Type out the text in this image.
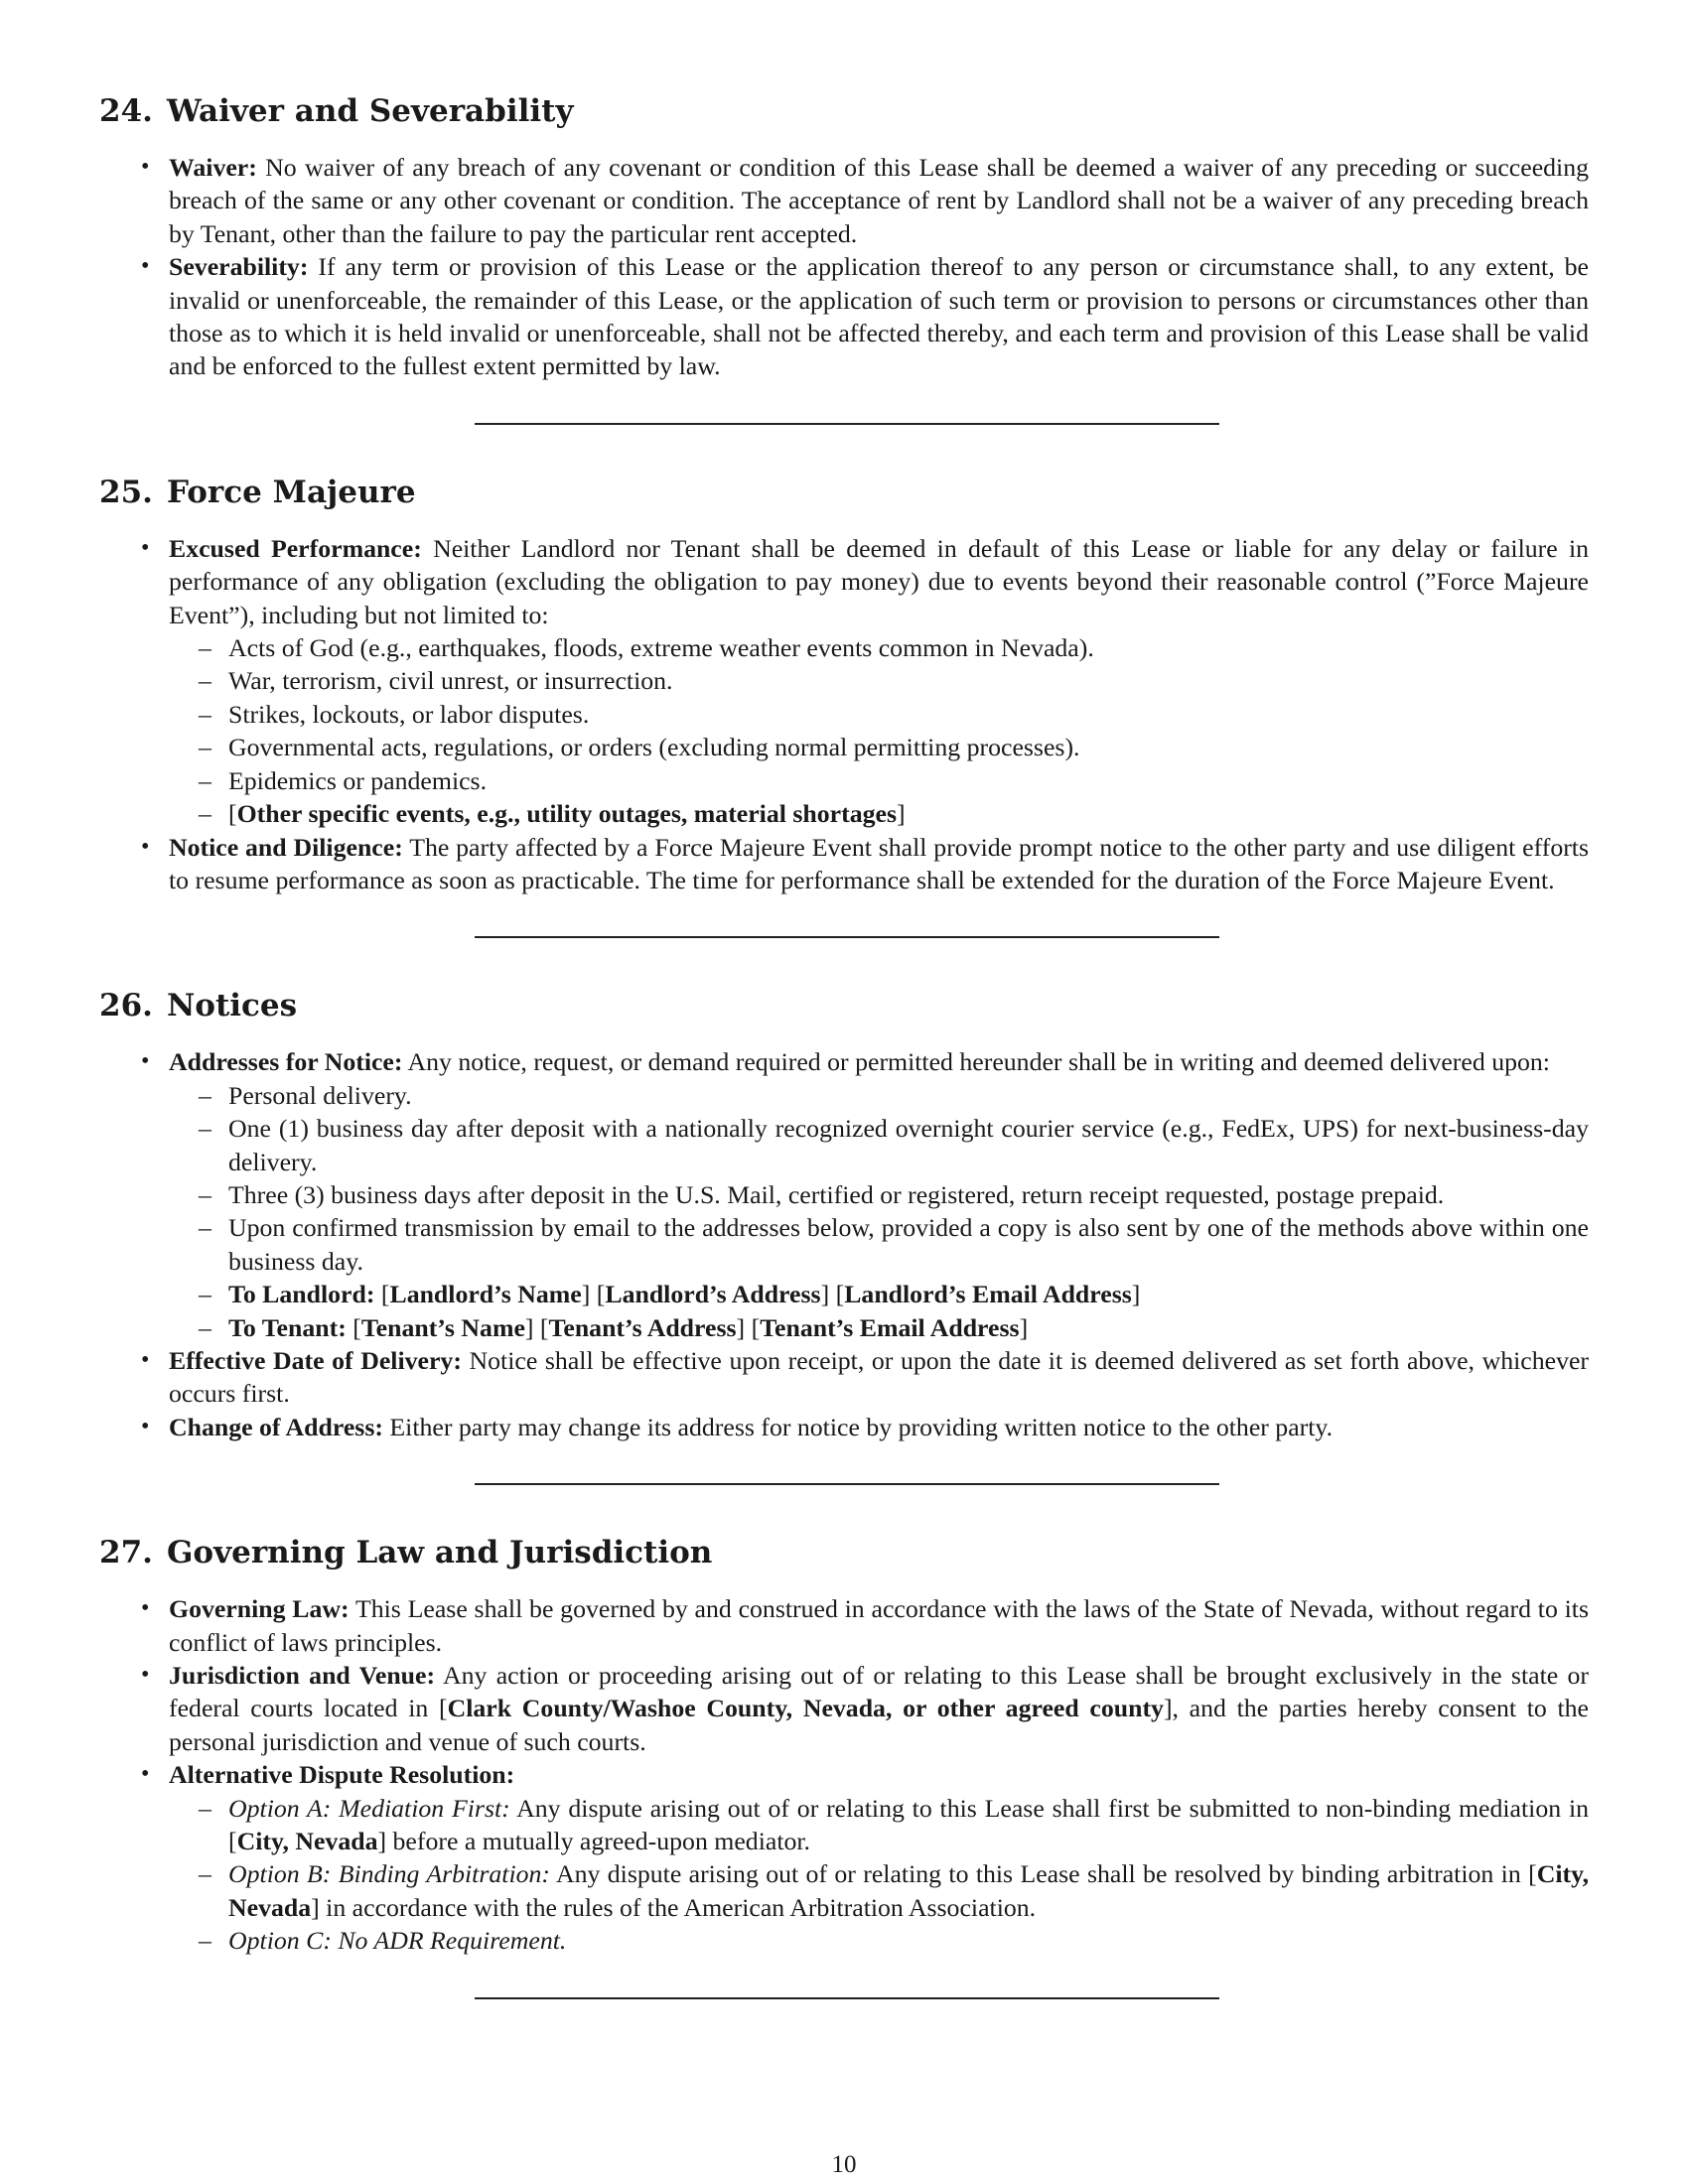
24. Waiver and Severability
• Waiver: No waiver of any breach of any covenant or condition of this Lease shall be deemed a waiver of any preceding or succeeding breach of the same or any other covenant or condition. The acceptance of rent by Landlord shall not be a waiver of any preceding breach by Tenant, other than the failure to pay the particular rent accepted.
• Severability: If any term or provision of this Lease or the application thereof to any person or circumstance shall, to any extent, be invalid or unenforceable, the remainder of this Lease, or the application of such term or provision to persons or circumstances other than those as to which it is held invalid or unenforceable, shall not be affected thereby, and each term and provision of this Lease shall be valid and be enforced to the fullest extent permitted by law.
25. Force Majeure
• Excused Performance: Neither Landlord nor Tenant shall be deemed in default of this Lease or liable for any delay or failure in performance of any obligation (excluding the obligation to pay money) due to events beyond their reasonable control (”Force Majeure Event”), including but not limited to:
– Acts of God (e.g., earthquakes, floods, extreme weather events common in Nevada).
– War, terrorism, civil unrest, or insurrection.
– Strikes, lockouts, or labor disputes.
– Governmental acts, regulations, or orders (excluding normal permitting processes).
– Epidemics or pandemics.
– [Other specific events, e.g., utility outages, material shortages]
• Notice and Diligence: The party affected by a Force Majeure Event shall provide prompt notice to the other party and use diligent efforts to resume performance as soon as practicable. The time for performance shall be extended for the duration of the Force Majeure Event.
26. Notices
• Addresses for Notice: Any notice, request, or demand required or permitted hereunder shall be in writing and deemed delivered upon:
– Personal delivery.
– One (1) business day after deposit with a nationally recognized overnight courier service (e.g., FedEx, UPS) for next-business-day delivery.
– Three (3) business days after deposit in the U.S. Mail, certified or registered, return receipt requested, postage prepaid.
– Upon confirmed transmission by email to the addresses below, provided a copy is also sent by one of the methods above within one business day.
– To Landlord: [Landlord’s Name] [Landlord’s Address] [Landlord’s Email Address]
– To Tenant: [Tenant’s Name] [Tenant’s Address] [Tenant’s Email Address]
• Effective Date of Delivery: Notice shall be effective upon receipt, or upon the date it is deemed delivered as set forth above, whichever occurs first.
• Change of Address: Either party may change its address for notice by providing written notice to the other party.
27. Governing Law and Jurisdiction
• Governing Law: This Lease shall be governed by and construed in accordance with the laws of the State of Nevada, without regard to its conflict of laws principles.
• Jurisdiction and Venue: Any action or proceeding arising out of or relating to this Lease shall be brought exclusively in the state or federal courts located in [Clark County/Washoe County, Nevada, or other agreed county], and the parties hereby consent to the personal jurisdiction and venue of such courts.
• Alternative Dispute Resolution:
– Option A: Mediation First: Any dispute arising out of or relating to this Lease shall first be submitted to non-binding mediation in [City, Nevada] before a mutually agreed-upon mediator.
– Option B: Binding Arbitration: Any dispute arising out of or relating to this Lease shall be resolved by binding arbitration in [City, Nevada] in accordance with the rules of the American Arbitration Association.
– Option C: No ADR Requirement.
10
